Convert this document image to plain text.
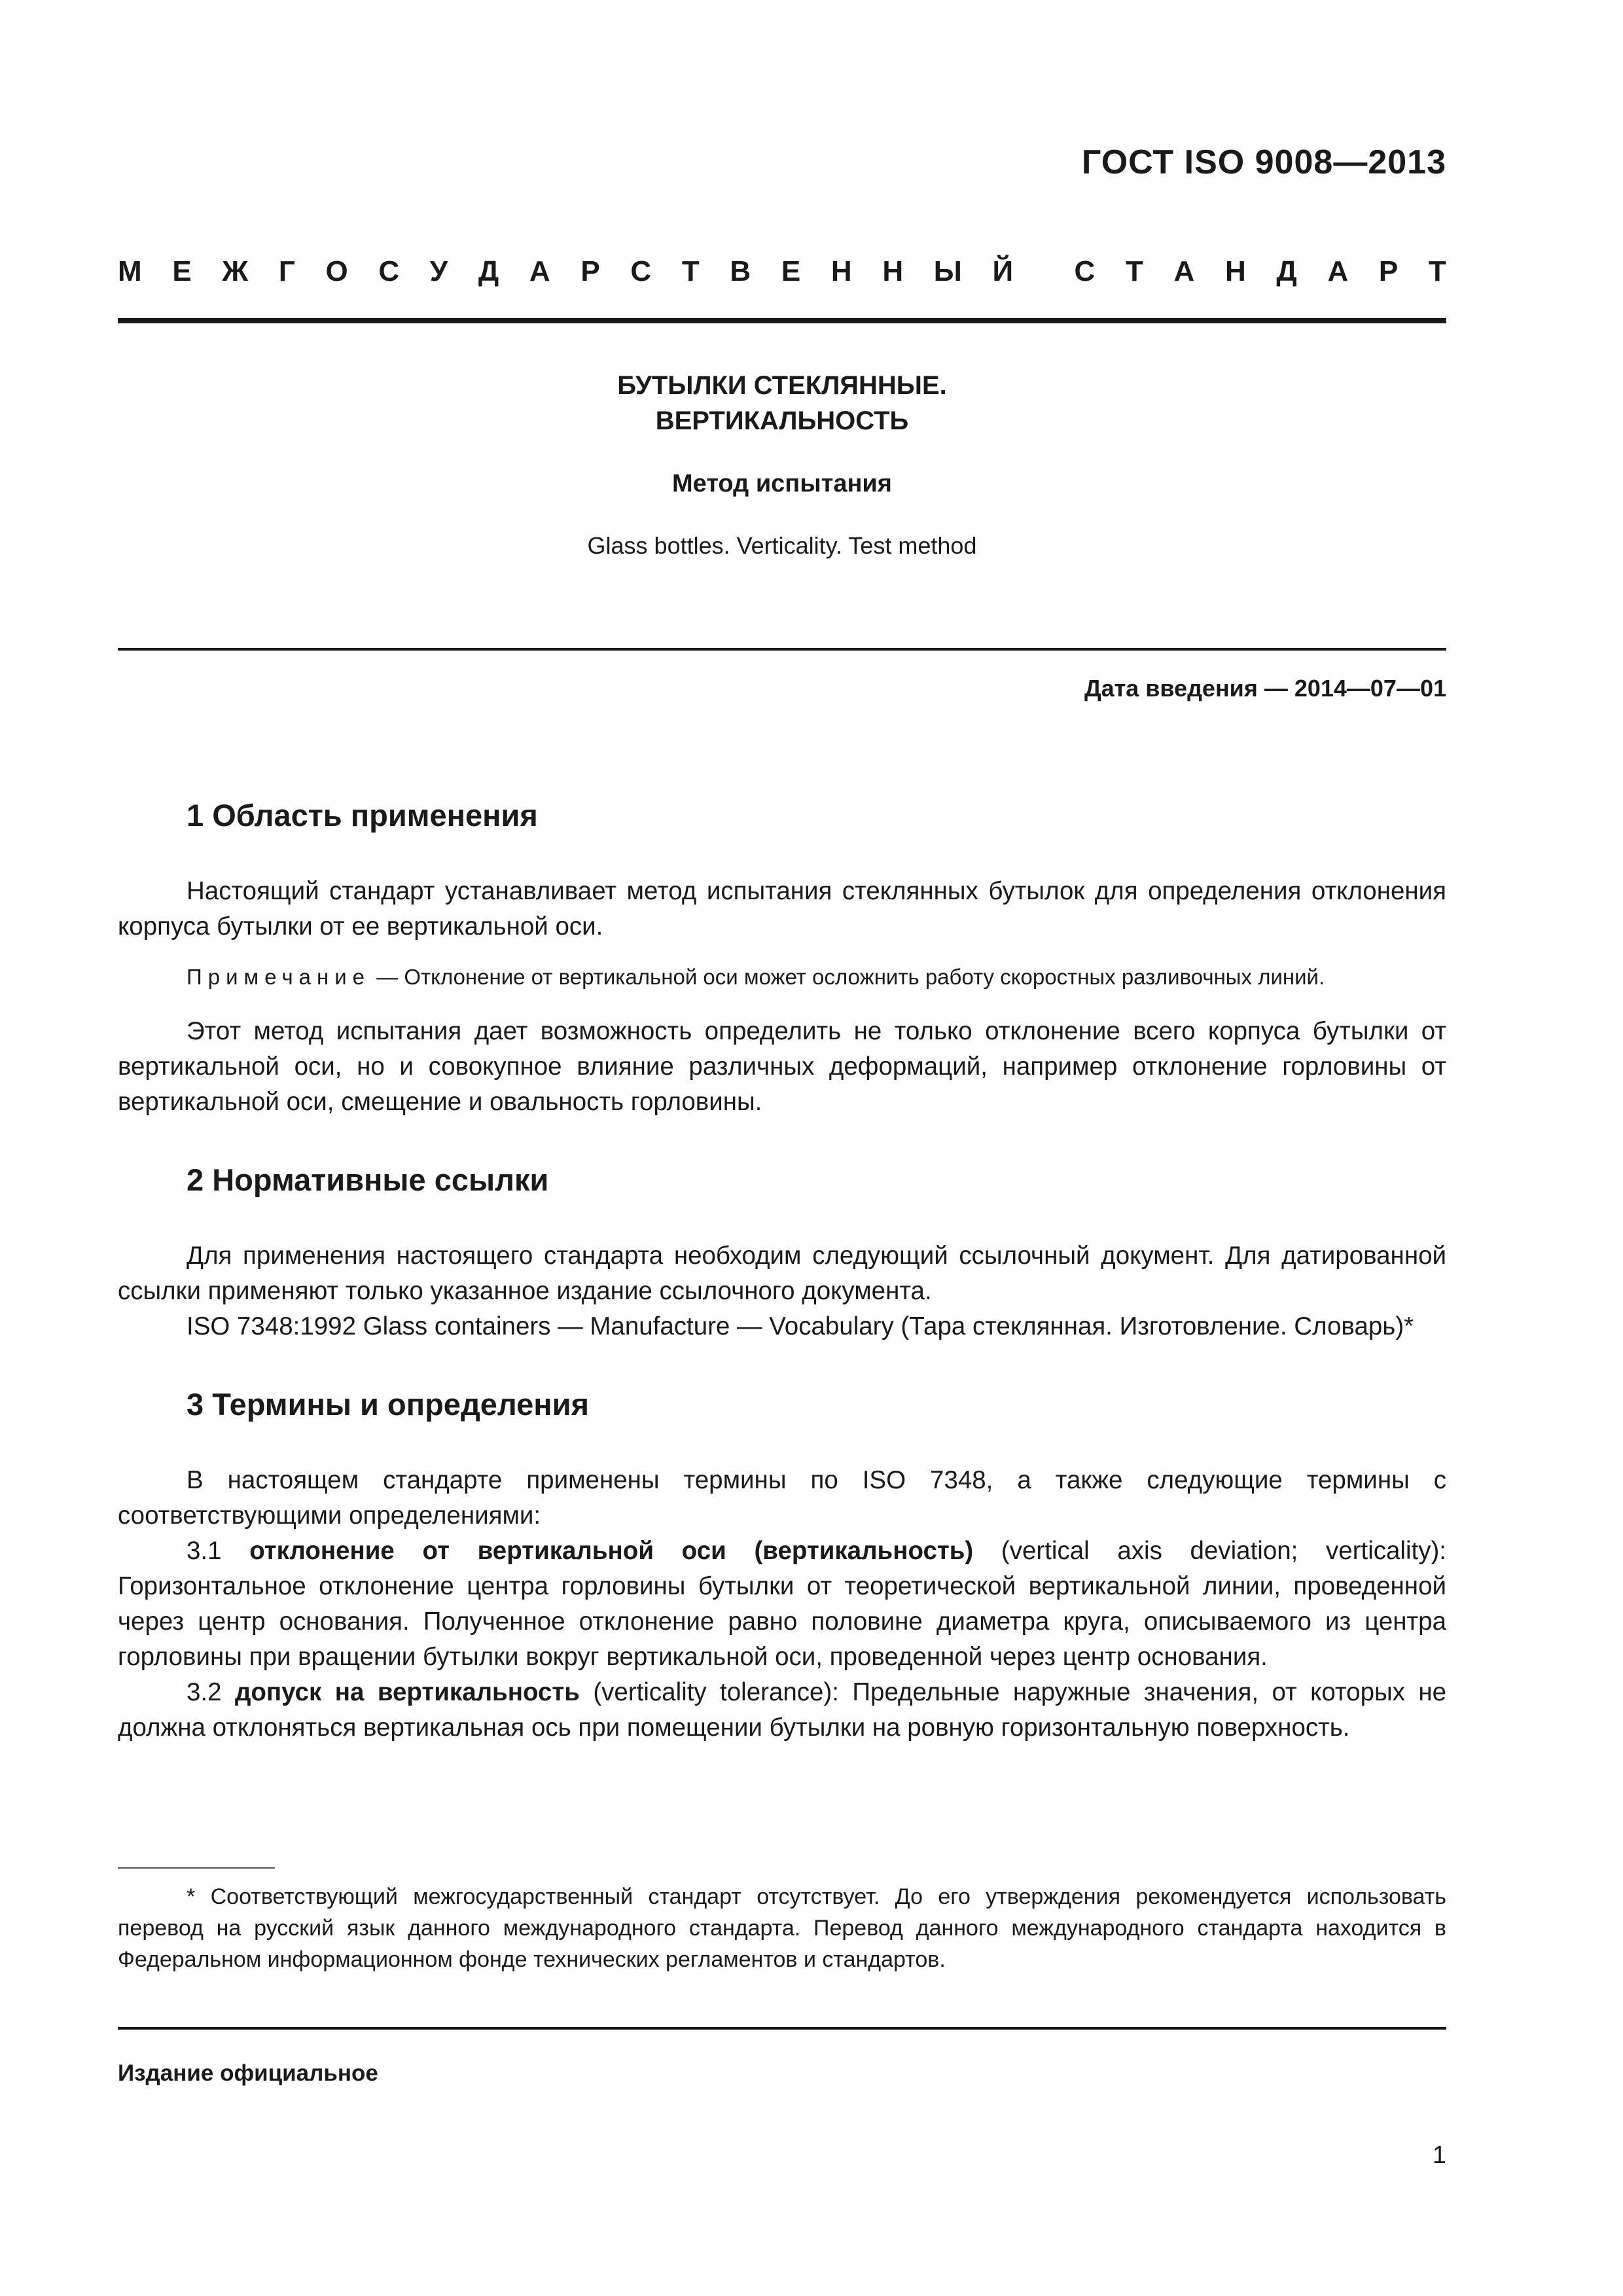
ГОСТ ISO 9008—2013
М Е Ж Г О С У Д А Р С Т В Е Н Н Ы Й С Т А Н Д А Р Т
БУТЫЛКИ СТЕКЛЯННЫЕ.
ВЕРТИКАЛЬНОСТЬ
Метод испытания
Glass bottles. Verticality. Test method
Дата введения — 2014—07—01
1 Область применения

Настоящий стандарт устанавливает метод испытания стеклянных бутылок для определения отклонения корпуса бутылки от ее вертикальной оси.

Примечание — Отклонение от вертикальной оси может осложнить работу скоростных разливочных линий.

Этот метод испытания дает возможность определить не только отклонение всего корпуса бутылки от вертикальной оси, но и совокупное влияние различных деформаций, например отклонение горловины от вертикальной оси, смещение и овальность горловины.

2 Нормативные ссылки

Для применения настоящего стандарта необходим следующий ссылочный документ. Для датированной ссылки применяют только указанное издание ссылочного документа.

ISO 7348:1992 Glass containers — Manufacture — Vocabulary (Тара стеклянная. Изготовление. Словарь)*

3 Термины и определения

В настоящем стандарте применены термины по ISO 7348, а также следующие термины с соответствующими определениями:

3.1 отклонение от вертикальной оси (вертикальность) (vertical axis deviation; verticality): Горизонтальное отклонение центра горловины бутылки от теоретической вертикальной линии, проведенной через центр основания. Полученное отклонение равно половине диаметра круга, описываемого из центра горловины при вращении бутылки вокруг вертикальной оси, проведенной через центр основания.

3.2 допуск на вертикальность (verticality tolerance): Предельные наружные значения, от которых не должна отклоняться вертикальная ось при помещении бутылки на ровную горизонтальную поверхность.

* Соответствующий межгосударственный стандарт отсутствует. До его утверждения рекомендуется использовать перевод на русский язык данного международного стандарта. Перевод данного международного стандарта находится в Федеральном информационном фонде технических регламентов и стандартов.
Издание официальное
1
